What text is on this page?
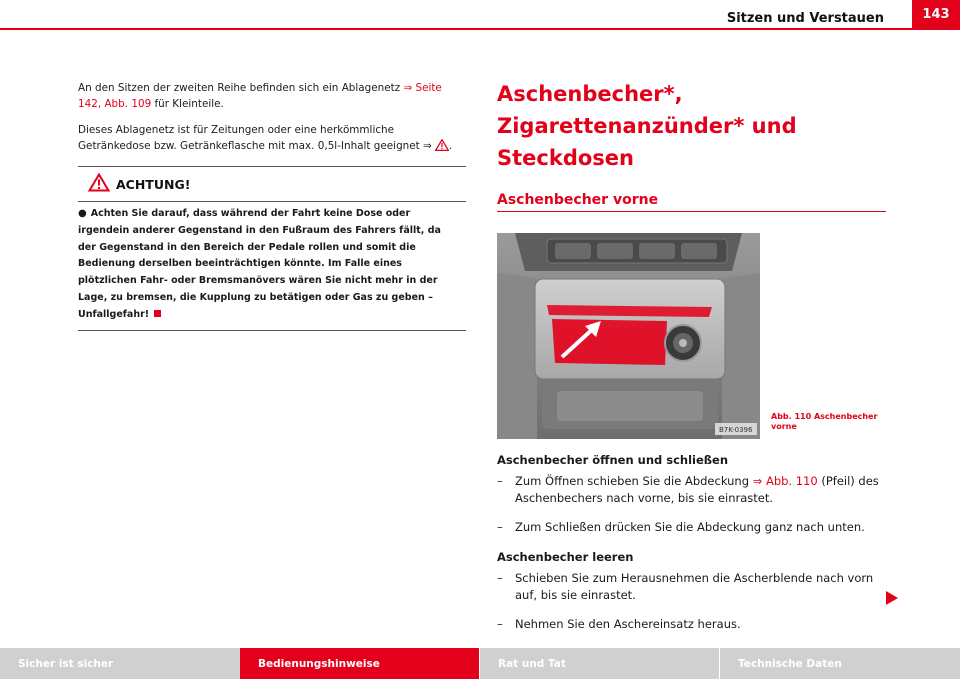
Sitzen und Verstauen	143

An den Sitzen der zweiten Reihe befinden sich ein Ablagenetz ⇒ Seite 142, Abb. 109 für Kleinteile.

Dieses Ablagenetz ist für Zeitungen oder eine herkömmliche Getränkedose bzw. Getränkeflasche mit max. 0,5l-Inhalt geeignet ⇒ .

ACHTUNG!
● Achten Sie darauf, dass während der Fahrt keine Dose oder irgendein anderer Gegenstand in den Fußraum des Fahrers fällt, da der Gegenstand in den Bereich der Pedale rollen und somit die Bedienung derselben beeinträchtigen könnte. Im Falle eines plötzlichen Fahr- oder Bremsmanövers wären Sie nicht mehr in der Lage, zu bremsen, die Kupplung zu betätigen oder Gas zu geben – Unfallgefahr!
Aschenbecher*, Zigarettenanzünder* und Steckdosen
Aschenbecher vorne
B7K-0396
Abb. 110 Aschenbecher vorne
Aschenbecher öffnen und schließen
–	Zum Öffnen schieben Sie die Abdeckung ⇒ Abb. 110 (Pfeil) des Aschenbechers nach vorne, bis sie einrastet.
–	Zum Schließen drücken Sie die Abdeckung ganz nach unten.
Aschenbecher leeren
–	Schieben Sie zum Herausnehmen die Ascherblende nach vorn auf, bis sie einrastet.
–	Nehmen Sie den Aschereinsatz heraus.
Sicher ist sicher	Bedienungshinweise	Rat und Tat	Technische Daten
